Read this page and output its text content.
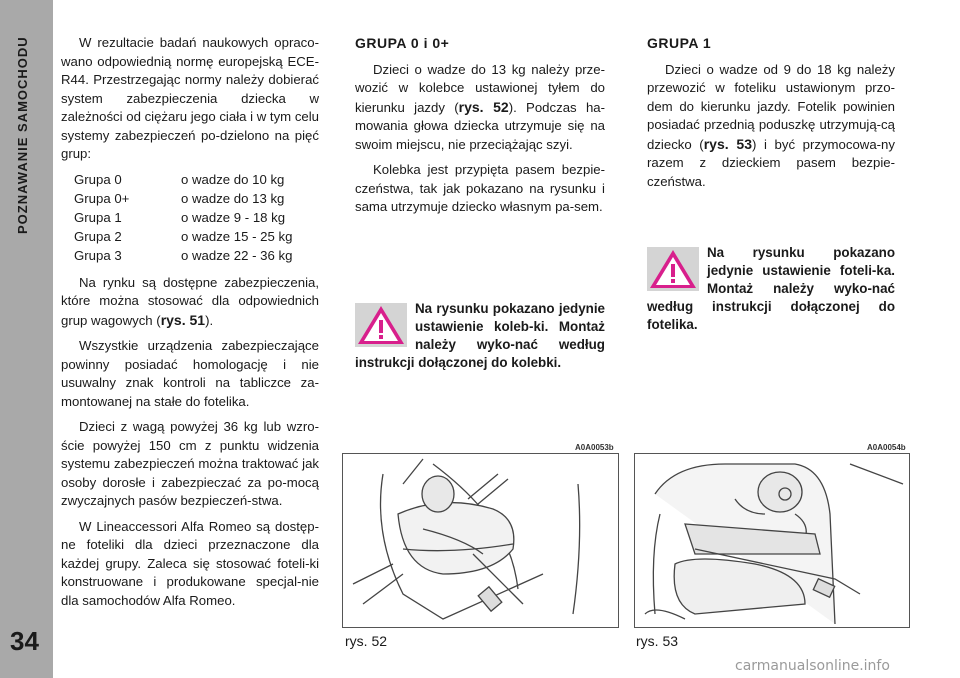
POZNAWANIE SAMOCHODU
34

W rezultacie badań naukowych opraco-wano odpowiednią normę europejską ECE-R44. Przestrzegając normy należy dobierać system zabezpieczenia dziecka w zależności od ciężaru jego ciała i w tym celu systemy zabezpieczeń po-dzielono na pięć grup:

Grupa 0	o wadze do 10 kg
Grupa 0+	o wadze do 13 kg
Grupa 1	o wadze 9 - 18 kg
Grupa 2	o wadze 15 - 25 kg
Grupa 3	o wadze 22 - 36 kg

Na rynku są dostępne zabezpieczenia, które można stosować dla odpowiednich grup wagowych (rys. 51).

Wszystkie urządzenia zabezpieczające powinny posiadać homologację i nie usuwalny znak kontroli na tabliczce za-montowanej na stałe do fotelika.

Dzieci z wagą powyżej 36 kg lub wzro-ście powyżej 150 cm z punktu widzenia systemu zabezpieczeń można traktować jak osoby dorosłe i zabezpieczać za po-mocą zwyczajnych pasów bezpieczeń-stwa.

W Lineaccessori Alfa Romeo są dostęp-ne foteliki dla dzieci przeznaczone dla każdej grupy. Zaleca się stosować foteli-ki konstruowane i produkowane specjal-nie dla samochodów Alfa Romeo.

GRUPA 0 i 0+

Dzieci o wadze do 13 kg należy prze-wozić w kolebce ustawionej tyłem do kierunku jazdy (rys. 52). Podczas ha-mowania głowa dziecka utrzymuje się na swoim miejscu, nie przeciążając szyi.

Kolebka jest przypięta pasem bezpie-czeństwa, tak jak pokazano na rysunku i sama utrzymuje dziecko własnym pa-sem.

Na rysunku pokazano jedynie ustawienie koleb-ki. Montaż należy wyko-nać według instrukcji dołączonej do kolebki.
GRUPA 1

Dzieci o wadze od 9 do 18 kg należy przewozić w foteliku ustawionym przo-dem do kierunku jazdy. Fotelik powinien posiadać przednią poduszkę utrzymują-cą dziecko (rys. 53) i być przymocowa-ny razem z dzieckiem pasem bezpie-czeństwa.

Na rysunku pokazano jedynie ustawienie foteli-ka. Montaż należy wyko-nać według instrukcji dołączonej do fotelika.
A0A0053b
rys. 52
A0A0054b
rys. 53
carmanualsonline.info
